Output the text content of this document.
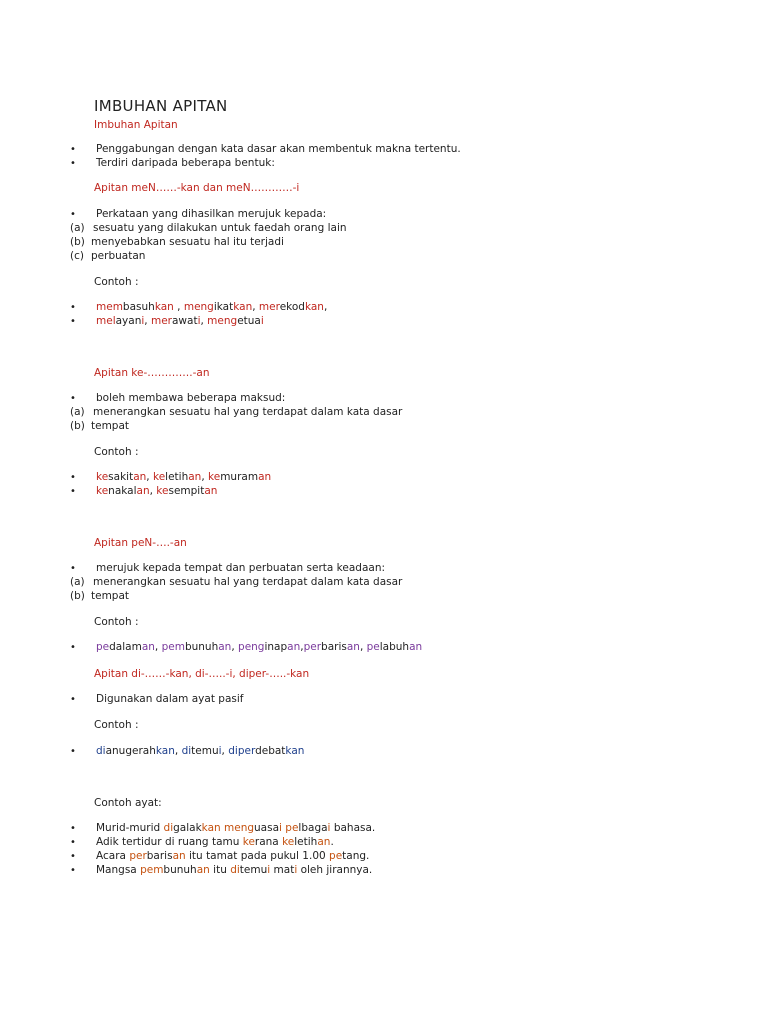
IMBUHAN APITAN
Imbuhan Apitan
• Penggabungan dengan kata dasar akan membentuk makna tertentu.
• Terdiri daripada beberapa bentuk:
Apitan meN……-kan dan meN…………-i
• Perkataan yang dihasilkan merujuk kepada:
(a) sesuatu yang dilakukan untuk faedah orang lain
(b) menyebabkan sesuatu hal itu terjadi
(c) perbuatan
Contoh :
• membasuhkan , mengikatkan, merekodkan,
• melayani, merawati, mengetuai
Apitan ke-………….-an
• boleh membawa beberapa maksud:
(a) menerangkan sesuatu hal yang terdapat dalam kata dasar
(b) tempat
Contoh :
• kesakitan, keletihan, kemuraman
• kenakalan, kesempitan
Apitan peN-….-an
• merujuk kepada tempat dan perbuatan serta keadaan:
(a) menerangkan sesuatu hal yang terdapat dalam kata dasar
(b) tempat
Contoh :
• pedalaman, pembunuhan, penginapan,perbarisan, pelabuhan
Apitan di-……-kan, di-…..-i, diper-…..-kan
• Digunakan dalam ayat pasif
Contoh :
• dianugerahkan, ditemui, diperdebatkan
Contoh ayat:
• Murid-murid digalakkan menguasai pelbagai bahasa.
• Adik tertidur di ruang tamu kerana keletihan.
• Acara perbarisan itu tamat pada pukul 1.00 petang.
• Mangsa pembunuhan itu ditemui mati oleh jirannya.
